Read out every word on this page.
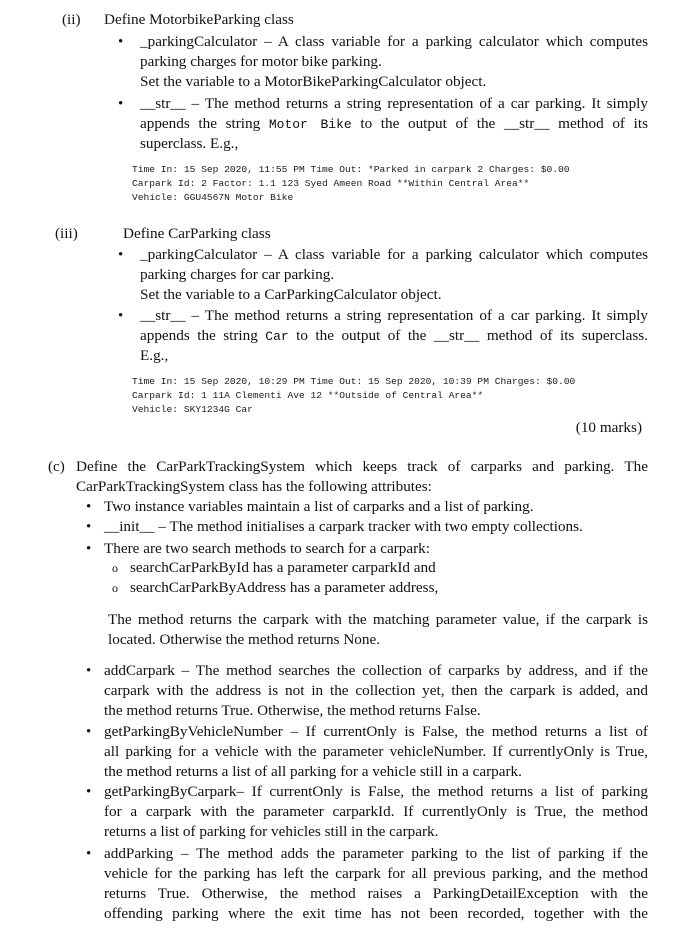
(ii) Define MotorbikeParking class
• _parkingCalculator – A class variable for a parking calculator which computes
parking charges for motor bike parking.
Set the variable to a MotorBikeParkingCalculator object.
• __str__ – The method returns a string representation of a car parking. It simply
appends the string Motor Bike to the output of the __str__ method of its
superclass. E.g.,
Time In: 15 Sep 2020, 11:55 PM Time Out: *Parked in carpark 2 Charges: $0.00
Carpark Id: 2 Factor: 1.1 123 Syed Ameen Road **Within Central Area**
Vehicle: GGU4567N Motor Bike
(iii)	Define CarParking class
• _parkingCalculator – A class variable for a parking calculator which computes
parking charges for car parking.
Set the variable to a CarParkingCalculator object.
• __str__ – The method returns a string representation of a car parking. It simply
appends the string Car to the output of the __str__ method of its superclass.
E.g.,
Time In: 15 Sep 2020, 10:29 PM Time Out: 15 Sep 2020, 10:39 PM Charges: $0.00
Carpark Id: 1 11A Clementi Ave 12 **Outside of Central Area**
Vehicle: SKY1234G Car
(10 marks)
(c) Define the CarParkTrackingSystem which keeps track of carparks and parking. The
CarParkTrackingSystem class has the following attributes:
• Two instance variables maintain a list of carparks and a list of parking.
• __init__ – The method initialises a carpark tracker with two empty collections.
• There are two search methods to search for a carpark:
o searchCarParkById has a parameter carparkId and
o searchCarParkByAddress has a parameter address,
The method returns the carpark with the matching parameter value, if the carpark is
located. Otherwise the method returns None.
• addCarpark – The method searches the collection of carparks by address, and if the
carpark with the address is not in the collection yet, then the carpark is added, and
the method returns True. Otherwise, the method returns False.
• getParkingByVehicleNumber – If currentOnly is False, the method returns a list of
all parking for a vehicle with the parameter vehicleNumber. If currentlyOnly is True,
the method returns a list of all parking for a vehicle still in a carpark.
• getParkingByCarpark– If currentOnly is False, the method returns a list of parking
for a carpark with the parameter carparkId. If currentlyOnly is True, the method
returns a list of parking for vehicles still in the carpark.
• addParking – The method adds the parameter parking to the list of parking if the
vehicle for the parking has left the carpark for all previous parking, and the method
returns True. Otherwise, the method raises a ParkingDetailException with the
offending parking where the exit time has not been recorded, together with the
